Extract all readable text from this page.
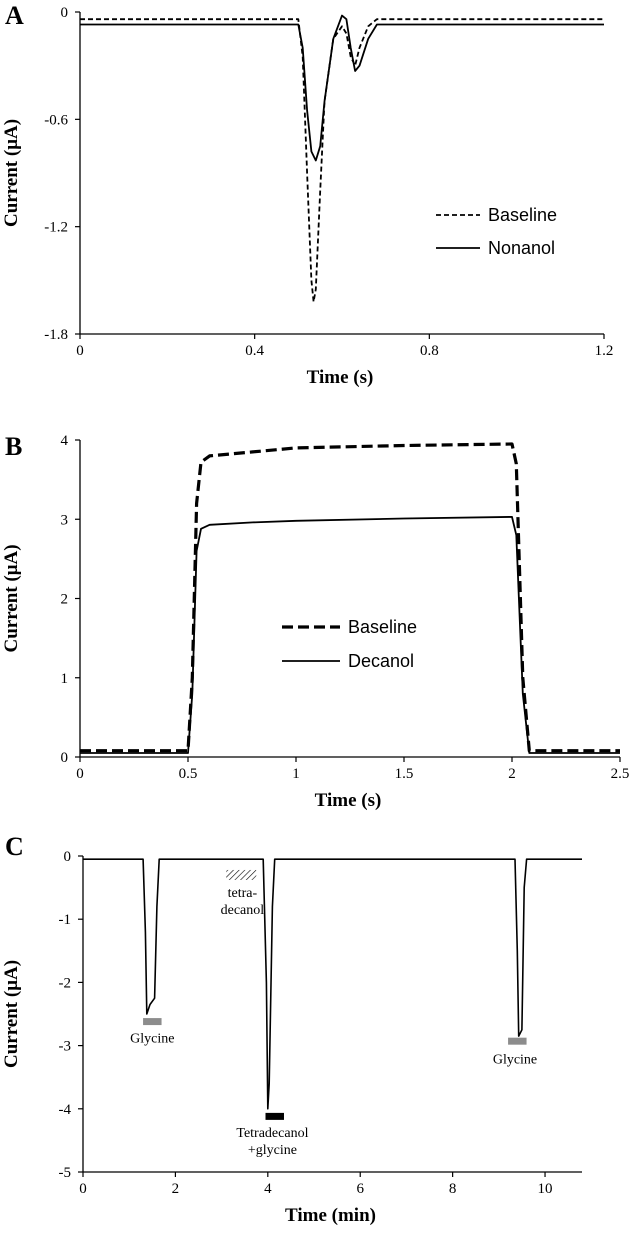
A
0	0.4	0.8	1.2
0
-0.6
-1.2
-1.8
Time (s)
Current (μA)	Baseline
Nonanol
B
0	0.5	1	1.5	2	2.5
0
1
2
3
4
Time (s)
Current (μA)	Baseline
Decanol
C
0	2	4	6	8	10
0
-1
-2
-3
-4
-5
Time (min)
Current (μA)	Glycine
Tetradecanol
+glycine
Glycine
tetra-
decanol
